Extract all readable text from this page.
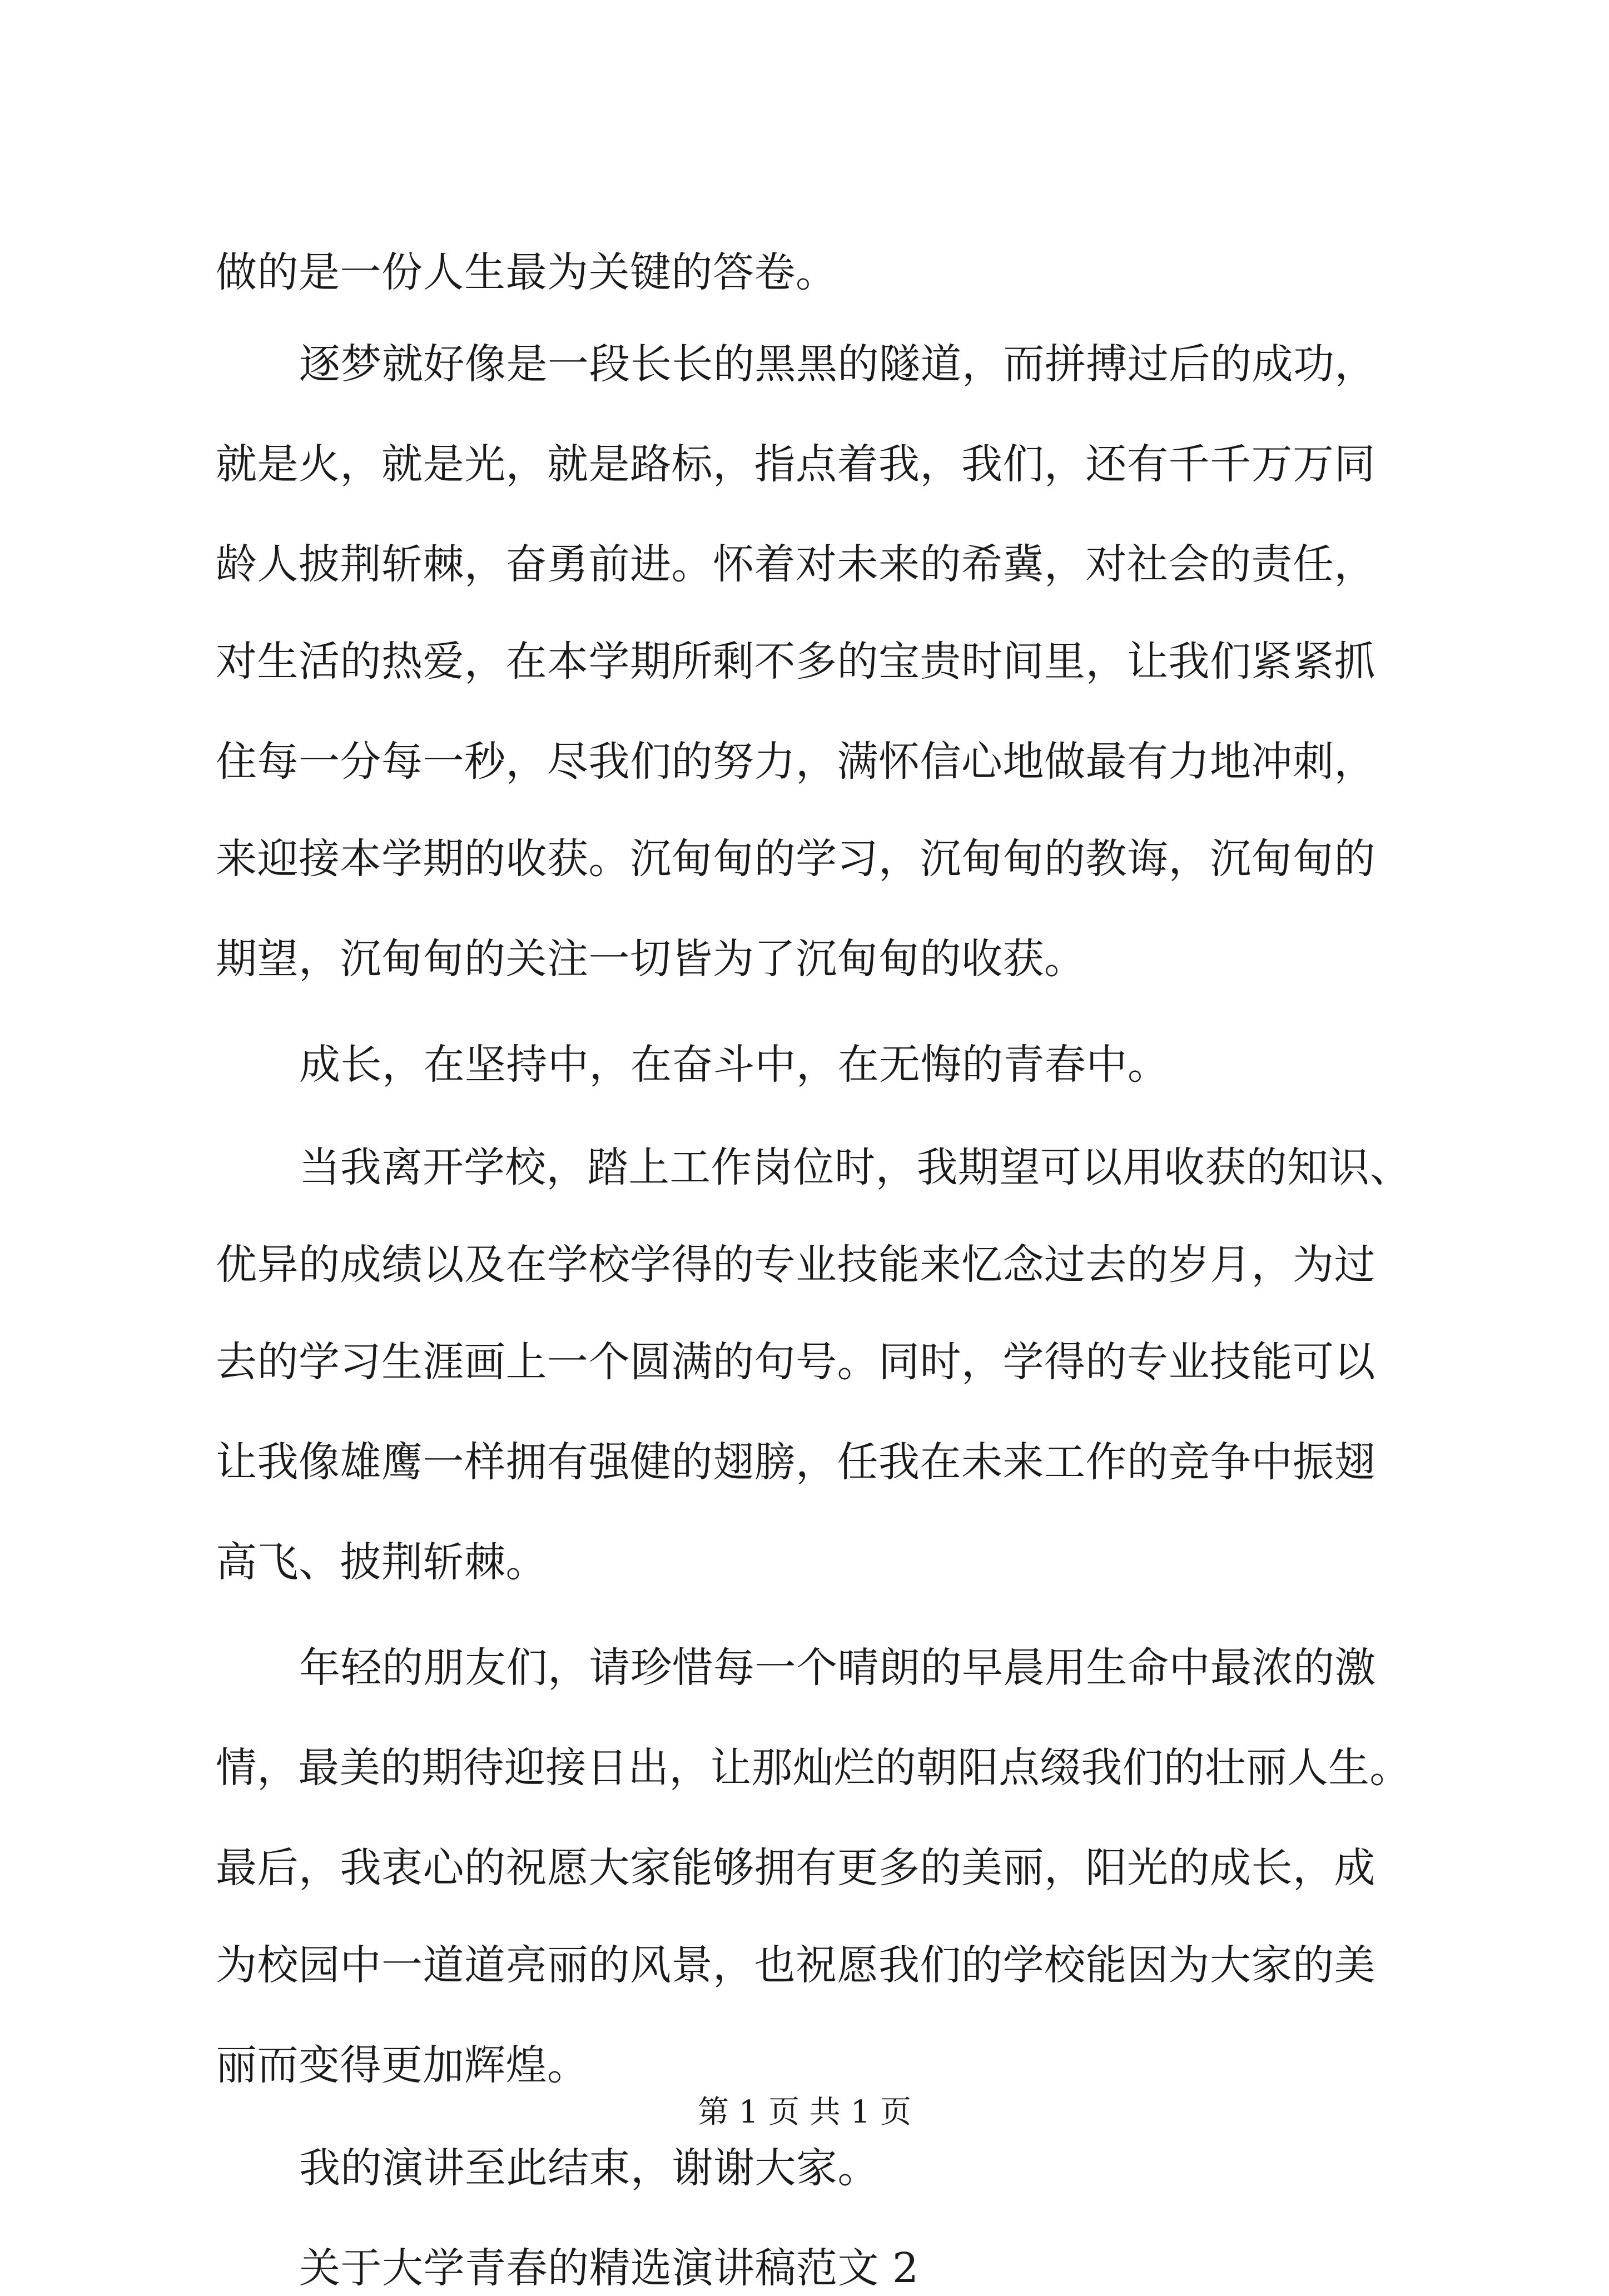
做的是一份人生最为关键的答卷。
逐梦就好像是一段长长的黑黑的隧道，而拼搏过后的成功，
就是火，就是光，就是路标，指点着我，我们，还有千千万万同
龄人披荆斩棘，奋勇前进。怀着对未来的希冀，对社会的责任，
对生活的热爱，在本学期所剩不多的宝贵时间里，让我们紧紧抓
住每一分每一秒，尽我们的努力，满怀信心地做最有力地冲刺，
来迎接本学期的收获。沉甸甸的学习，沉甸甸的教诲，沉甸甸的
期望，沉甸甸的关注一切皆为了沉甸甸的收获。
成长，在坚持中，在奋斗中，在无悔的青春中。
当我离开学校，踏上工作岗位时，我期望可以用收获的知识、
优异的成绩以及在学校学得的专业技能来忆念过去的岁月，为过
去的学习生涯画上一个圆满的句号。同时，学得的专业技能可以
让我像雄鹰一样拥有强健的翅膀，任我在未来工作的竞争中振翅
高飞、披荆斩棘。
年轻的朋友们，请珍惜每一个晴朗的早晨用生命中最浓的激
情，最美的期待迎接日出，让那灿烂的朝阳点缀我们的壮丽人生。
最后，我衷心的祝愿大家能够拥有更多的美丽，阳光的成长，成
为校园中一道道亮丽的风景，也祝愿我们的学校能因为大家的美
丽而变得更加辉煌。
我的演讲至此结束，谢谢大家。
关于大学青春的精选演讲稿范文 2
第 1 页 共 1 页
